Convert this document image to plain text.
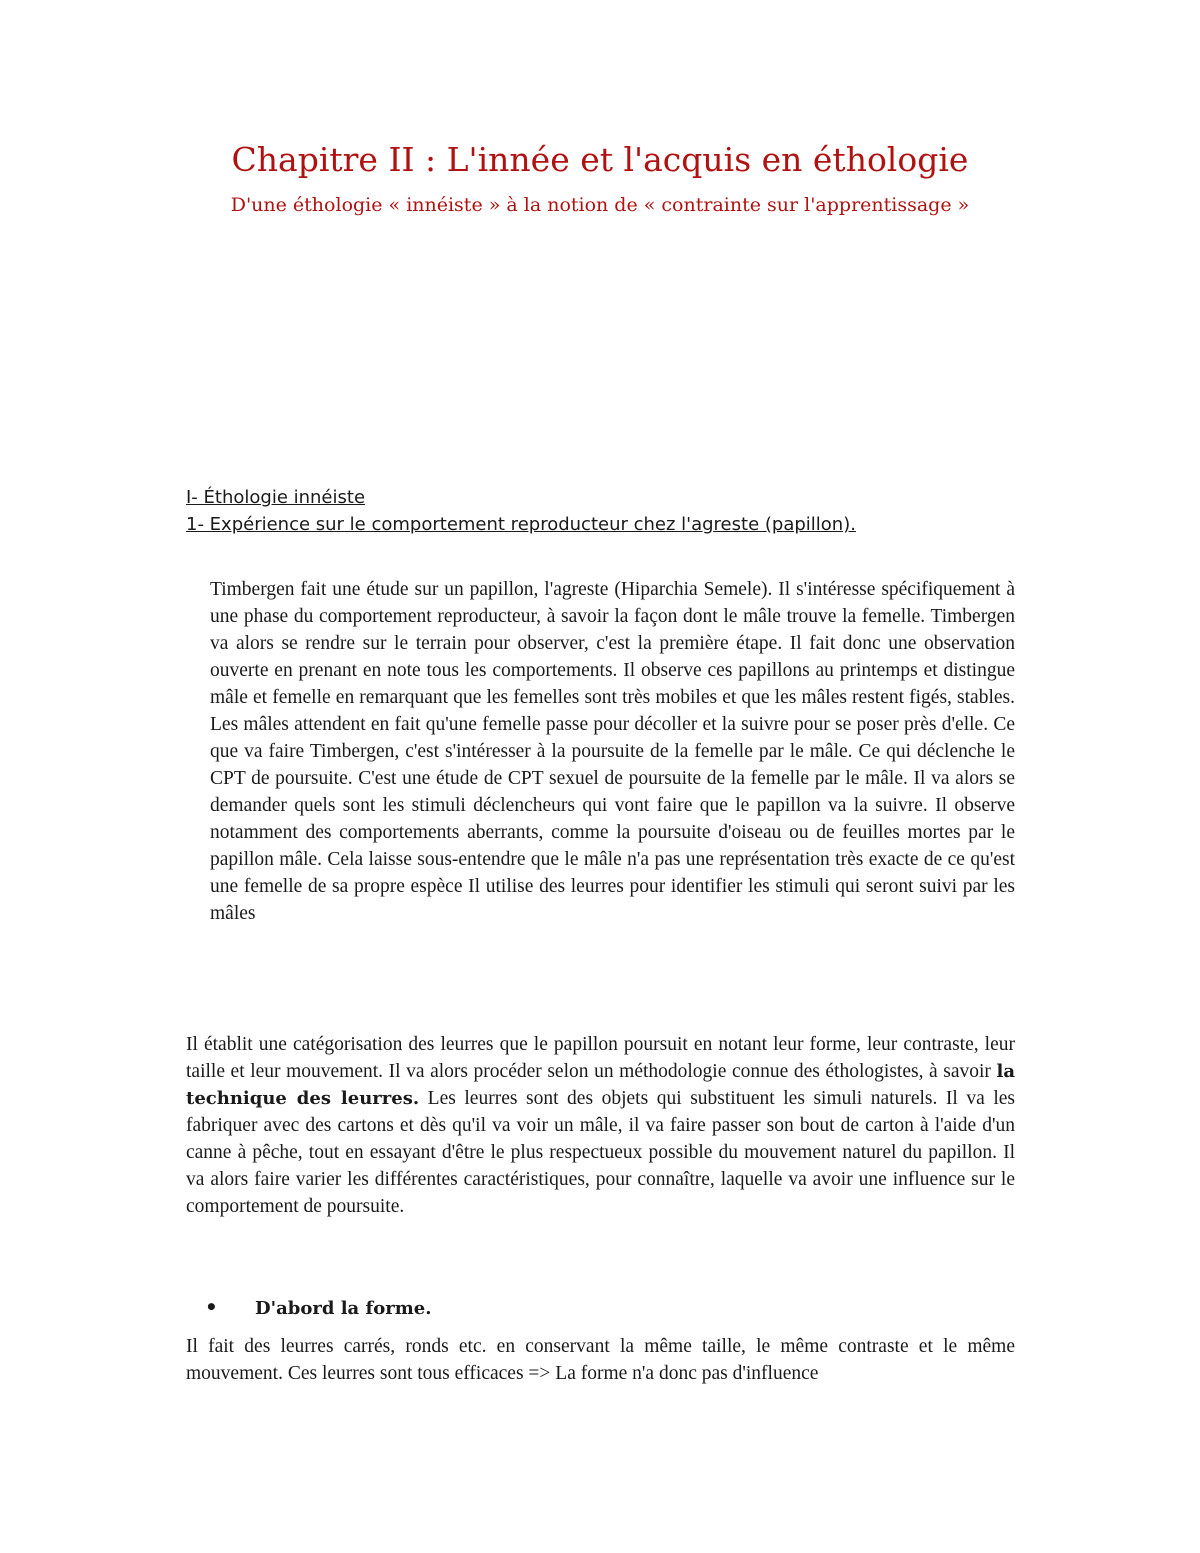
Chapitre II : L'innée et l'acquis en éthologie
D'une éthologie « innéiste » à la notion de « contrainte sur l'apprentissage »
I- Éthologie innéiste
1- Expérience sur le comportement reproducteur chez l'agreste (papillon).

Timbergen fait une étude sur un papillon, l'agreste (Hiparchia Semele). Il s'intéresse spécifiquement à une phase du comportement reproducteur, à savoir la façon dont le mâle trouve la femelle. Timbergen va alors se rendre sur le terrain pour observer, c'est la première étape. Il fait donc une observation ouverte en prenant en note tous les comportements. Il observe ces papillons au printemps et distingue mâle et femelle en remarquant que les femelles sont très mobiles et que les mâles restent figés, stables. Les mâles attendent en fait qu'une femelle passe pour décoller et la suivre pour se poser près d'elle. Ce que va faire Timbergen, c'est s'intéresser à la poursuite de la femelle par le mâle. Ce qui déclenche le CPT de poursuite. C'est une étude de CPT sexuel de poursuite de la femelle par le mâle. Il va alors se demander quels sont les stimuli déclencheurs qui vont faire que le papillon va la suivre. Il observe notamment des comportements aberrants, comme la poursuite d'oiseau ou de feuilles mortes par le papillon mâle. Cela laisse sous-entendre que le mâle n'a pas une représentation très exacte de ce qu'est une femelle de sa propre espèce Il utilise des leurres pour identifier les stimuli qui seront suivi par les mâles

Il établit une catégorisation des leurres que le papillon poursuit en notant leur forme, leur contraste, leur taille et leur mouvement. Il va alors procéder selon un méthodologie connue des éthologistes, à savoir la technique des leurres. Les leurres sont des objets qui substituent les simuli naturels. Il va les fabriquer avec des cartons et dès qu'il va voir un mâle, il va faire passer son bout de carton à l'aide d'un canne à pêche, tout en essayant d'être le plus respectueux possible du mouvement naturel du papillon. Il va alors faire varier les différentes caractéristiques, pour connaître, laquelle va avoir une influence sur le comportement de poursuite.

• D'abord la forme.

Il fait des leurres carrés, ronds etc. en conservant la même taille, le même contraste et le même mouvement. Ces leurres sont tous efficaces => La forme n'a donc pas d'influence
